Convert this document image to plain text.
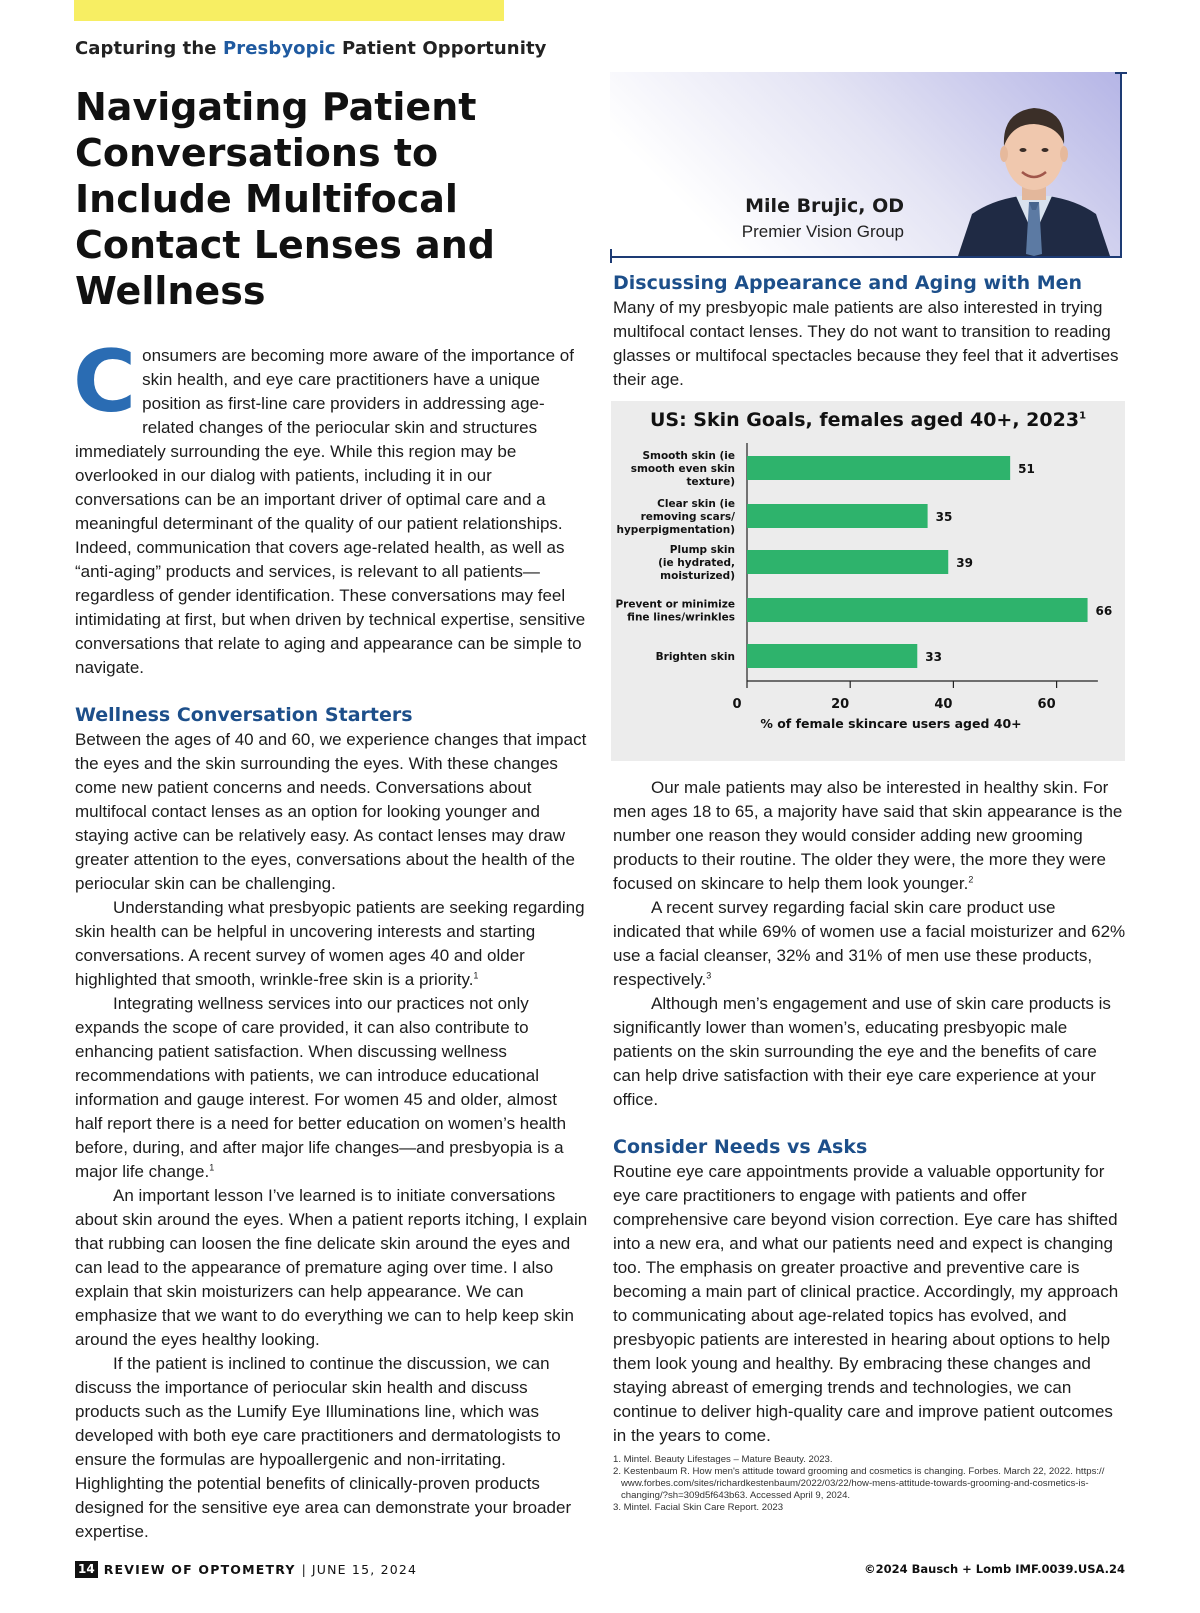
Capturing the Presbyopic Patient Opportunity
Navigating Patient Conversations to Include Multifocal Contact Lenses and Wellness

Consumers are becoming more aware of the importance of skin health, and eye care practitioners have a unique position as first-line care providers in addressing age-related changes of the periocular skin and structures immediately surrounding the eye. While this region may be overlooked in our dialog with patients, including it in our conversations can be an important driver of optimal care and a meaningful determinant of the quality of our patient relationships. Indeed, communication that covers age-related health, as well as “anti-aging” products and services, is relevant to all patients—regardless of gender identification. These conversations may feel intimidating at first, but when driven by technical expertise, sensitive conversations that relate to aging and appearance can be simple to navigate.

Wellness Conversation Starters

Between the ages of 40 and 60, we experience changes that impact the eyes and the skin surrounding the eyes. With these changes come new patient concerns and needs. Conversations about multifocal contact lenses as an option for looking younger and staying active can be relatively easy. As contact lenses may draw greater attention to the eyes, conversations about the health of the periocular skin can be challenging.

Understanding what presbyopic patients are seeking regarding skin health can be helpful in uncovering interests and starting conversations. A recent survey of women ages 40 and older highlighted that smooth, wrinkle-free skin is a priority.$^1$

Integrating wellness services into our practices not only expands the scope of care provided, it can also contribute to enhancing patient satisfaction. When discussing wellness recommendations with patients, we can introduce educational information and gauge interest. For women 45 and older, almost half report there is a need for better education on women’s health before, during, and after major life changes—and presbyopia is a major life change.$^1$

An important lesson I’ve learned is to initiate conversations about skin around the eyes. When a patient reports itching, I explain that rubbing can loosen the fine delicate skin around the eyes and can lead to the appearance of premature aging over time. I also explain that skin moisturizers can help appearance. We can emphasize that we want to do everything we can to help keep skin around the eyes healthy looking.

If the patient is inclined to continue the discussion, we can discuss the importance of periocular skin health and discuss products such as the Lumify Eye Illuminations line, which was developed with both eye care practitioners and dermatologists to ensure the formulas are hypoallergenic and non-irritating. Highlighting the potential benefits of clinically-proven products designed for the sensitive eye area can demonstrate your broader expertise.

Mile Brujic, OD
Premier Vision Group
Discussing Appearance and Aging with Men

Many of my presbyopic male patients are also interested in trying multifocal contact lenses. They do not want to transition to reading glasses or multifocal spectacles because they feel that it advertises their age.

US: Skin Goals, females aged 40+, 2023$^1$
51
Smooth skin (ie
smooth even skin
texture)
35
Clear skin (ie
removing scars/
hyperpigmentation)
39
Plump skin
(ie hydrated,
moisturized)
66
Prevent or minimize
fine lines/wrinkles
33
Brighten skin
0	20	40	60
% of female skincare users aged 40+

Our male patients may also be interested in healthy skin. For men ages 18 to 65, a majority have said that skin appearance is the number one reason they would consider adding new grooming products to their routine. The older they were, the more they were focused on skincare to help them look younger.$^2$

A recent survey regarding facial skin care product use indicated that while 69% of women use a facial moisturizer and 62% use a facial cleanser, 32% and 31% of men use these products, respectively.$^3$

Although men’s engagement and use of skin care products is significantly lower than women’s, educating presbyopic male patients on the skin surrounding the eye and the benefits of care can help drive satisfaction with their eye care experience at your office.

Consider Needs vs Asks

Routine eye care appointments provide a valuable opportunity for eye care practitioners to engage with patients and offer comprehensive care beyond vision correction. Eye care has shifted into a new era, and what our patients need and expect is changing too. The emphasis on greater proactive and preventive care is becoming a main part of clinical practice. Accordingly, my approach to communicating about age-related topics has evolved, and presbyopic patients are interested in hearing about options to help them look young and healthy. By embracing these changes and staying abreast of emerging trends and technologies, we can continue to deliver high-quality care and improve patient outcomes in the years to come.

1. Mintel. Beauty Lifestages – Mature Beauty. 2023.
2. Kestenbaum R. How men's attitude toward grooming and cosmetics is changing. Forbes. March 22, 2022. https://
www.forbes.com/sites/richardkestenbaum/2022/03/22/how-mens-attitude-towards-grooming-and-cosmetics-is-
changing/?sh=309d5f643b63. Accessed April 9, 2024.
3. Mintel. Facial Skin Care Report. 2023
14 REVIEW OF OPTOMETRY | JUNE 15, 2024	©2024 Bausch + Lomb IMF.0039.USA.24
